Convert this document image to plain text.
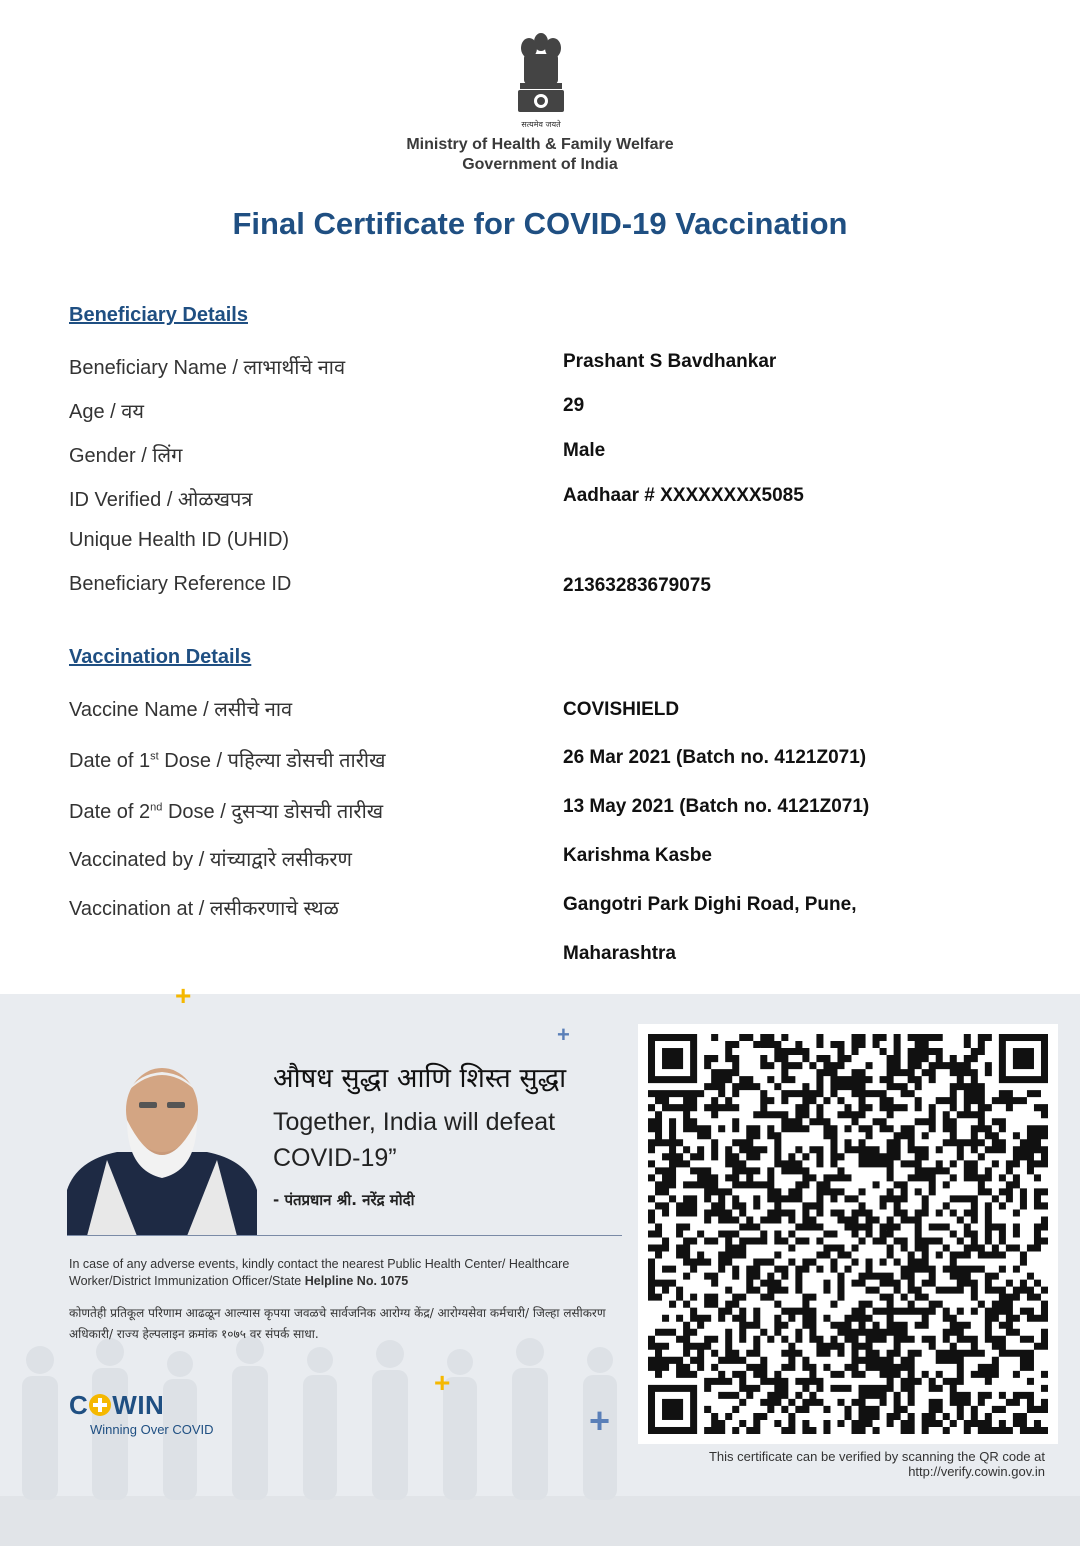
सत्यमेव जयते
Ministry of Health & Family Welfare
Government of India
Final Certificate for COVID-19 Vaccination
Beneficiary Details
Beneficiary Name / लाभार्थीचे नाव	Prashant S Bavdhankar
Age / वय	29
Gender / लिंग	Male
ID Verified / ओळखपत्र	Aadhaar # XXXXXXXX5085
Unique Health ID (UHID)
Beneficiary Reference ID	21363283679075
Vaccination Details
Vaccine Name / लसीचे नाव	COVISHIELD
Date of 1st Dose / पहिल्या डोसची तारीख	26 Mar 2021 (Batch no. 4121Z071)
Date of 2nd Dose / दुसऱ्या डोसची तारीख	13 May 2021 (Batch no. 4121Z071)
Vaccinated by / यांच्याद्वारे लसीकरण	Karishma Kasbe
Vaccination at / लसीकरणाचे स्थळ	Gangotri Park Dighi Road, Pune,
Maharashtra
+
+
+
+
औषध सुद्धा आणि शिस्त सुद्धा
Together, India will defeat COVID-19”
- पंतप्रधान श्री. नरेंद्र मोदी
In case of any adverse events, kindly contact the nearest Public Health Center/ Healthcare Worker/District Immunization Officer/State Helpline No. 1075
कोणतेही प्रतिकूल परिणाम आढळून आल्यास कृपया जवळचे सार्वजनिक आरोग्य केंद्र/ आरोग्यसेवा कर्मचारी/ जिल्हा लसीकरण अधिकारी/ राज्य हेल्पलाइन क्रमांक १०७५ वर संपर्क साधा.
C WIN
Winning Over COVID
This certificate can be verified by scanning the QR code at
http://verify.cowin.gov.in
